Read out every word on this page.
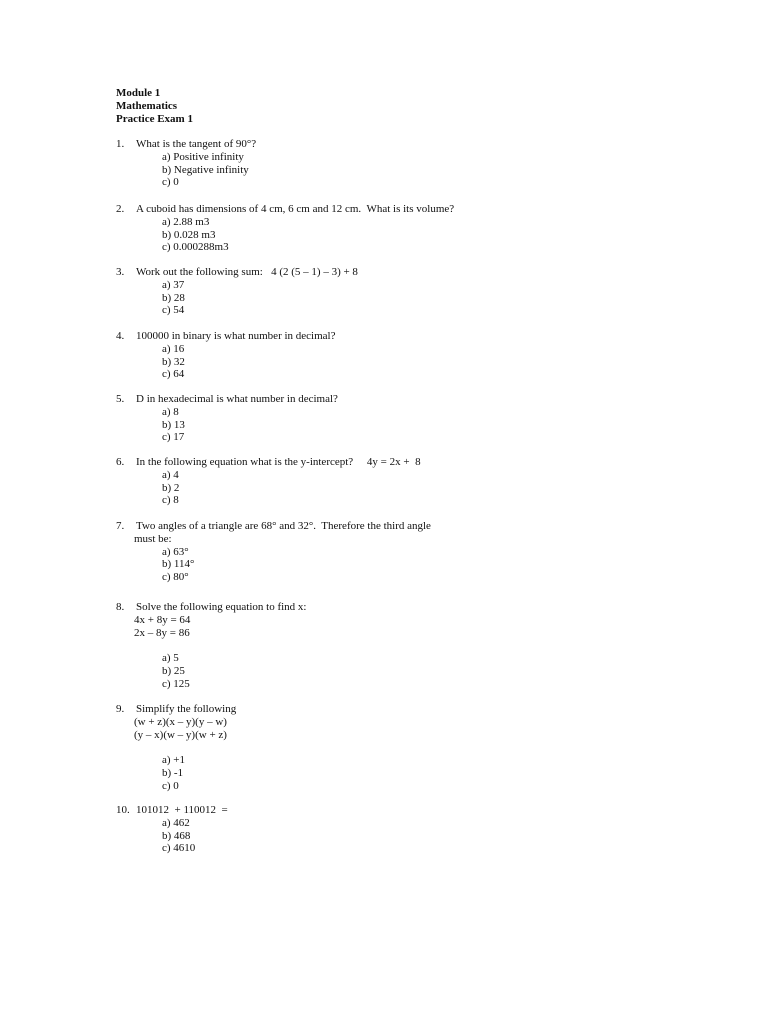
Module 1
Mathematics
Practice Exam 1
1. What is the tangent of 90°?
a) Positive infinity
b) Negative infinity
c) 0
2. A cuboid has dimensions of 4 cm, 6 cm and 12 cm.  What is its volume?
a) 2.88 m3
b) 0.028 m3
c) 0.000288m3
3. Work out the following sum:   4 (2 (5 – 1) – 3) + 8
a) 37
b) 28
c) 54
4. 100000 in binary is what number in decimal?
a) 16
b) 32
c) 64
5. D in hexadecimal is what number in decimal?
a) 8
b) 13
c) 17
6. In the following equation what is the y-intercept?     4y = 2x +  8
a) 4
b) 2
c) 8
7. Two angles of a triangle are 68° and 32°.  Therefore the third angle
must be:
a) 63°
b) 114°
c) 80°
8. Solve the following equation to find x:
4x + 8y = 64
2x – 8y = 86
a) 5
b) 25
c) 125
9. Simplify the following
(w + z)(x – y)(y – w)
(y – x)(w – y)(w + z)
a) +1
b) -1
c) 0
10. 101012  + 110012  =
a) 462
b) 468
c) 4610
